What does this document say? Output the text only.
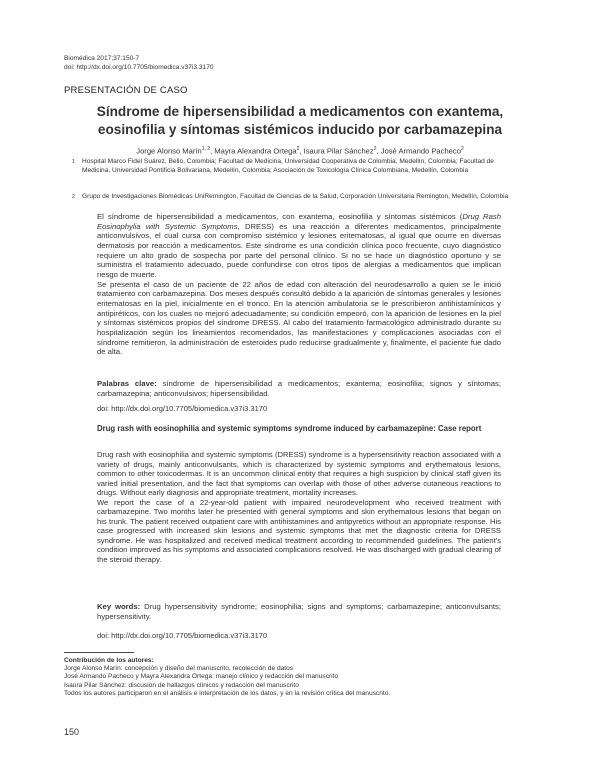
Biomédica 2017;37:150-7
doi: http://dx.doi.org/10.7705/biomedica.v37i3.3170
PRESENTACIÓN DE CASO
Síndrome de hipersensibilidad a medicamentos con exantema,
eosinofilia y síntomas sistémicos inducido por carbamazepina
Jorge Alonso Marín$^{1, 2}$, Mayra Alexandra Ortega$^2$, Isaura Pilar Sánchez$^2$, José Armando Pacheco$^2$
1 Hospital Marco Fidel Suárez, Bello, Colombia; Facultad de Medicina, Universidad Cooperativa de Colombia, Medellín, Colombia; Facultad de Medicina, Universidad Pontificia Bolivariana, Medellín, Colombia; Asociación de Toxicología Clínica Colombiana, Medellín, Colombia
2 Grupo de Investigaciones Biomédicas UniRemington, Facultad de Ciencias de la Salud, Corporación Universitaria Remington, Medellín, Colombia

El síndrome de hipersensibilidad a medicamentos, con exantema, eosinofilia y síntomas sistémicos (Drug Rash Eosinophylia with Systemic Symptoms, DRESS) es una reacción a diferentes medicamentos, principalmente anticonvulsivos, el cual cursa con compromiso sistémico y lesiones eritematosas, al igual que ocurre en diversas dermatosis por reacción a medicamentos. Este síndrome es una condición clínica poco frecuente, cuyo diagnóstico requiere un alto grado de sospecha por parte del personal clínico. Si no se hace un diagnóstico oportuno y se suministra el tratamiento adecuado, puede confundirse con otros tipos de alergias a medicamentos que implican riesgo de muerte.

Se presenta el caso de un paciente de 22 años de edad con alteración del neurodesarrollo a quien se le inició tratamiento con carbamazepina. Dos meses después consultó debido a la aparición de síntomas generales y lesiones eritematosas en la piel, inicialmente en el tronco. En la atención ambulatoria se le prescribieron antihistamínicos y antipiréticos, con los cuales no mejoró adecuadamente; su condición empeoró, con la aparición de lesiones en la piel y síntomas sistémicos propios del síndrome DRESS. Al cabo del tratamiento farmacológico administrado durante su hospitalización según los lineamientos recomendados, las manifestaciones y complicaciones asociadas con el síndrome remitieron, la administración de esteroides pudo reducirse gradualmente y, finalmente, el paciente fue dado de alta.

Palabras clave: síndrome de hipersensibilidad a medicamentos; exantema; eosinofilia; signos y síntomas; carbamazepina; anticonvulsivos; hipersensibilidad.
doi: http://dx.doi.org/10.7705/biomedica.v37i3.3170
Drug rash with eosinophilia and systemic symptoms syndrome induced by carbamazepine: Case report

Drug rash with eosinophilia and systemic symptoms (DRESS) syndrome is a hypersensitivity reaction associated with a variety of drugs, mainly anticonvulsants, which is characterized by systemic symptoms and erythematous lesions, common to other toxicodermas. It is an uncommon clinical entity that requires a high suspicion by clinical staff given its varied initial presentation, and the fact that symptoms can overlap with those of other adverse cutaneous reactions to drugs. Without early diagnosis and appropriate treatment, mortality increases.

We report the case of a 22-year-old patient with impaired neurodevelopment who received treatment with carbamazepine. Two months later he presented with general symptoms and skin erythematous lesions that began on his trunk. The patient received outpatient care with antihistamines and antipyretics without an appropriate response. His case progressed with increased skin lesions and systemic symptoms that met the diagnostic criteria for DRESS syndrome. He was hospitalized and received medical treatment according to recommended guidelines. The patient's condition improved as his symptoms and associated complications resolved. He was discharged with gradual clearing of the steroid therapy.

Key words: Drug hypersensitivity syndrome; eosinophilia; signs and symptoms; carbamazepine; anticonvulsants; hypersensitivity.
doi: http://dx.doi.org/10.7705/biomedica.v37i3.3170
Contribución de los autores:
Jorge Alonso Marín: concepción y diseño del manuscrito, recolección de datos
José Armando Pacheco y Mayra Alexandra Ortega: manejo clínico y redacción del manuscrito
Isaura Pilar Sánchez: discusión de hallazgos clínicos y redacción del manuscrito
Todos los autores participaron en el análisis e interpretación de los datos, y en la revisión crítica del manuscrito.
150
